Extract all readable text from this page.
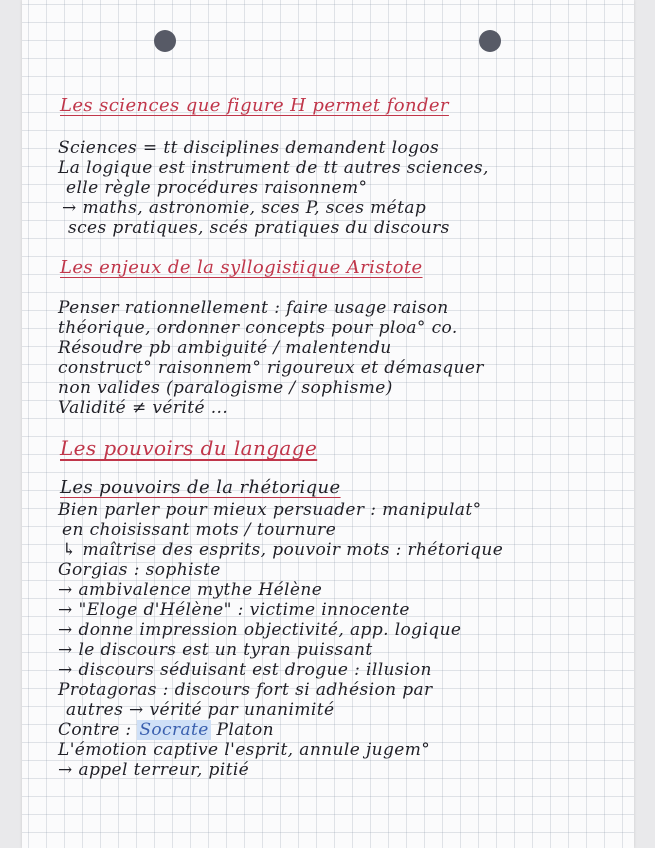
Les sciences que figure H permet fonder
Sciences = tt disciplines demandent logos
La logique est instrument de tt autres sciences,
elle règle procédures raisonnem°
→ maths, astronomie, sces P, sces métap
sces pratiques, scés pratiques du discours
Les enjeux de la syllogistique Aristote
Penser rationnellement : faire usage raison
théorique, ordonner concepts pour ploa° co.
Résoudre pb ambiguité / malentendu
construct° raisonnem° rigoureux et démasquer
non valides (paralogisme / sophisme)
Validité ≠ vérité ...
Les pouvoirs du langage
Les pouvoirs de la rhétorique
Bien parler pour mieux persuader : manipulat°
en choisissant mots / tournure
↳ maîtrise des esprits, pouvoir mots : rhétorique
Gorgias : sophiste
→ ambivalence mythe Hélène
→ "Eloge d'Hélène" : victime innocente
→ donne impression objectivité, app. logique
→ le discours est un tyran puissant
→ discours séduisant est drogue : illusion
Protagoras : discours fort si adhésion par
autres → vérité par unanimité
Contre : Socrate Platon
L'émotion captive l'esprit, annule jugem°
→ appel terreur, pitié
